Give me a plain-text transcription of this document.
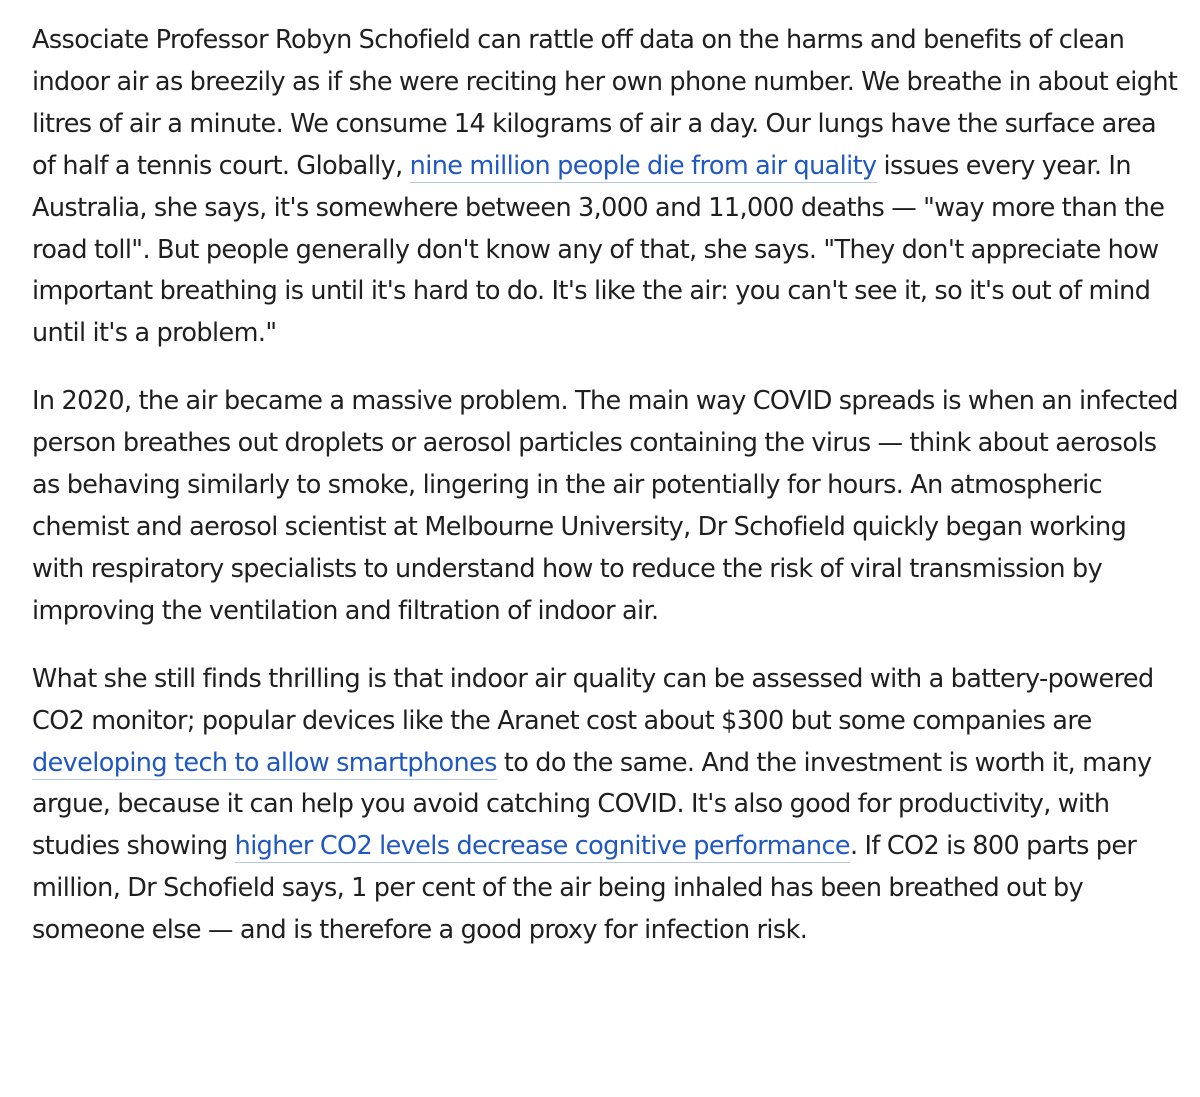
Associate Professor Robyn Schofield can rattle off data on the harms and benefits of clean indoor air as breezily as if she were reciting her own phone number. We breathe in about eight litres of air a minute. We consume 14 kilograms of air a day. Our lungs have the surface area of half a tennis court. Globally, nine million people die from air quality issues every year. In Australia, she says, it's somewhere between 3,000 and 11,000 deaths — "way more than the road toll". But people generally don't know any of that, she says. "They don't appreciate how important breathing is until it's hard to do. It's like the air: you can't see it, so it's out of mind until it's a problem."

In 2020, the air became a massive problem. The main way COVID spreads is when an infected person breathes out droplets or aerosol particles containing the virus — think about aerosols as behaving similarly to smoke, lingering in the air potentially for hours. An atmospheric chemist and aerosol scientist at Melbourne University, Dr Schofield quickly began working with respiratory specialists to understand how to reduce the risk of viral transmission by improving the ventilation and filtration of indoor air.

What she still finds thrilling is that indoor air quality can be assessed with a battery-powered CO2 monitor; popular devices like the Aranet cost about $300 but some companies are developing tech to allow smartphones to do the same. And the investment is worth it, many argue, because it can help you avoid catching COVID. It's also good for productivity, with studies showing higher CO2 levels decrease cognitive performance. If CO2 is 800 parts per million, Dr Schofield says, 1 per cent of the air being inhaled has been breathed out by someone else — and is therefore a good proxy for infection risk.
